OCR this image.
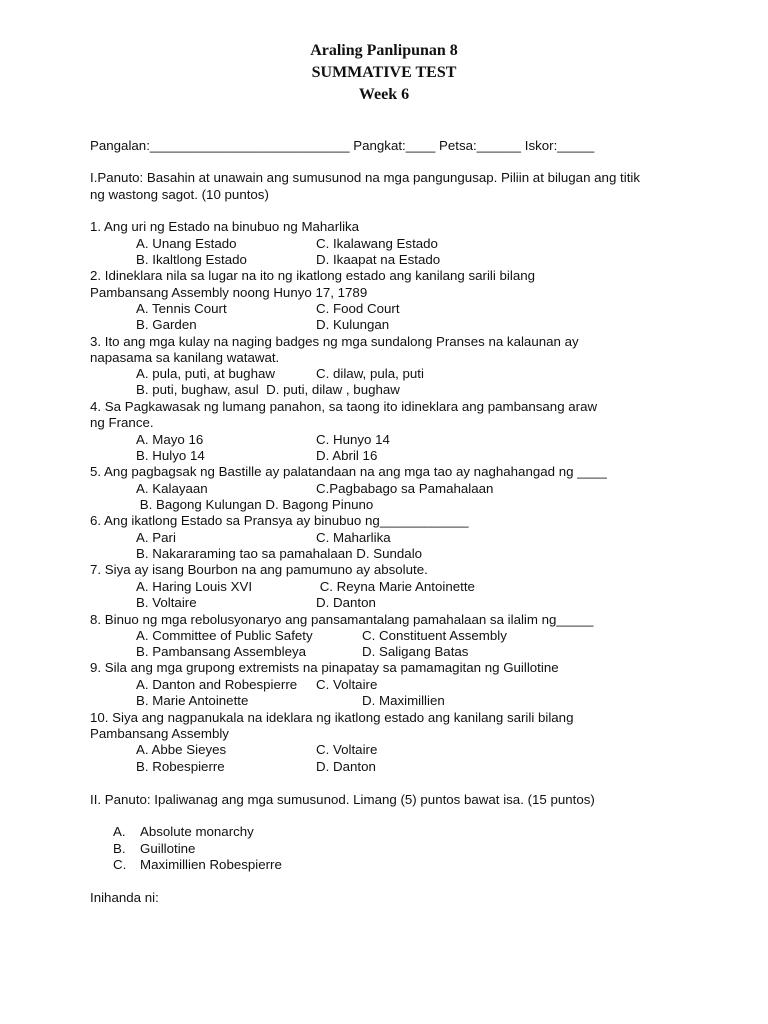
Araling Panlipunan 8
SUMMATIVE TEST
Week 6
Pangalan:___________________________ Pangkat:____ Petsa:______ Iskor:_____
I.Panuto: Basahin at unawain ang sumusunod na mga pangungusap. Piliin at bilugan ang titik
ng wastong sagot. (10 puntos)
1. Ang uri ng Estado na binubuo ng Maharlika
A. Unang Estado	C. Ikalawang Estado
B. Ikaltlong Estado	D. Ikaapat na Estado
2. Idineklara nila sa lugar na ito ng ikatlong estado ang kanilang sarili bilang
Pambansang Assembly noong Hunyo 17, 1789
A. Tennis Court	C. Food Court
B. Garden	D. Kulungan
3. Ito ang mga kulay na naging badges ng mga sundalong Pranses na kalaunan ay
napasama sa kanilang watawat.
A. pula, puti, at bughaw	C. dilaw, pula, puti
B. puti, bughaw, asul  D. puti, dilaw , bughaw
4. Sa Pagkawasak ng lumang panahon, sa taong ito idineklara ang pambansang araw
ng France.
A. Mayo 16	C. Hunyo 14
B. Hulyo 14	D. Abril 16
5. Ang pagbagsak ng Bastille ay palatandaan na ang mga tao ay naghahangad ng ____
A. Kalayaan	C.Pagbabago sa Pamahalaan
B. Bagong Kulungan D. Bagong Pinuno
6. Ang ikatlong Estado sa Pransya ay binubuo ng____________
A. Pari	C. Maharlika
B. Nakararaming tao sa pamahalaan D. Sundalo
7. Siya ay isang Bourbon na ang pamumuno ay absolute.
A. Haring Louis XVI	C. Reyna Marie Antoinette
B. Voltaire	D. Danton
8. Binuo ng mga rebolusyonaryo ang pansamantalang pamahalaan sa ilalim ng_____
A. Committee of Public Safety	C. Constituent Assembly
B. Pambansang Assembleya	D. Saligang Batas
9. Sila ang mga grupong extremists na pinapatay sa pamamagitan ng Guillotine
A. Danton and Robespierre C. Voltaire
B. Marie Antoinette	D. Maximillien
10. Siya ang nagpanukala na ideklara ng ikatlong estado ang kanilang sarili bilang
Pambansang Assembly
A. Abbe Sieyes	C. Voltaire
B. Robespierre	D. Danton
II. Panuto: Ipaliwanag ang mga sumusunod. Limang (5) puntos bawat isa. (15 puntos)
A. Absolute monarchy
B. Guillotine
C. Maximillien Robespierre
Inihanda ni:
